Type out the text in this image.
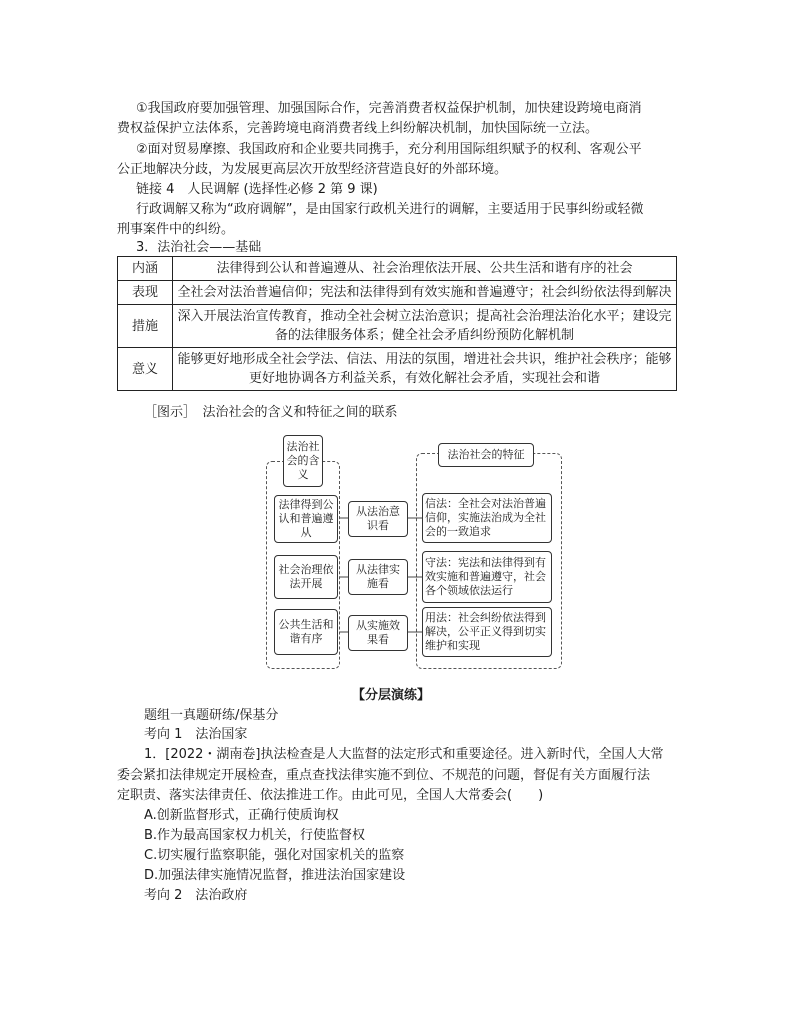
①我国政府要加强管理、加强国际合作，完善消费者权益保护机制，加快建设跨境电商消
费权益保护立法体系，完善跨境电商消费者线上纠纷解决机制，加快国际统一立法。
②面对贸易摩擦、我国政府和企业要共同携手，充分利用国际组织赋予的权利、客观公平
公正地解决分歧，为发展更高层次开放型经济营造良好的外部环境。
链接 4　人民调解 (选择性必修 2 第 9 课)
行政调解又称为“政府调解”，是由国家行政机关进行的调解，主要适用于民事纠纷或轻微
刑事案件中的纠纷。
3．法治社会——基础
内涵	法律得到公认和普遍遵从、社会治理依法开展、公共生活和谐有序的社会
表现	全社会对法治普遍信仰；宪法和法律得到有效实施和普遍遵守；社会纠纷依法得到解决
措施	深入开展法治宣传教育，推动全社会树立法治意识；提高社会治理法治化水平；建设完备的法律服务体系；健全社会矛盾纠纷预防化解机制
意义	能够更好地形成全社会学法、信法、用法的氛围，增进社会共识，维护社会秩序；能够更好地协调各方利益关系，有效化解社会矛盾，实现社会和谐
［图示］　法治社会的含义和特征之间的联系
法治社会的含义
法治社会的特征
法律得到公认和普遍遵从
社会治理依法开展
公共生活和谐有序
从法治意识看
从法律实施看
从实施效果看
信法：全社会对法治普遍信仰，实施法治成为全社会的一致追求
守法：宪法和法律得到有效实施和普遍遵守，社会各个领域依法运行
用法：社会纠纷依法得到解决，公平正义得到切实维护和实现
【分层演练】
题组一真题研练/保基分
考向 1　法治国家
1．[2022・湖南卷]执法检查是人大监督的法定形式和重要途径。进入新时代，全国人大常
委会紧扣法律规定开展检查，重点查找法律实施不到位、不规范的问题，督促有关方面履行法
定职责、落实法律责任、依法推进工作。由此可见，全国人大常委会(　　)
A.创新监督形式，正确行使质询权
B.作为最高国家权力机关，行使监督权
C.切实履行监察职能，强化对国家机关的监察
D.加强法律实施情况监督，推进法治国家建设
考向 2　法治政府
